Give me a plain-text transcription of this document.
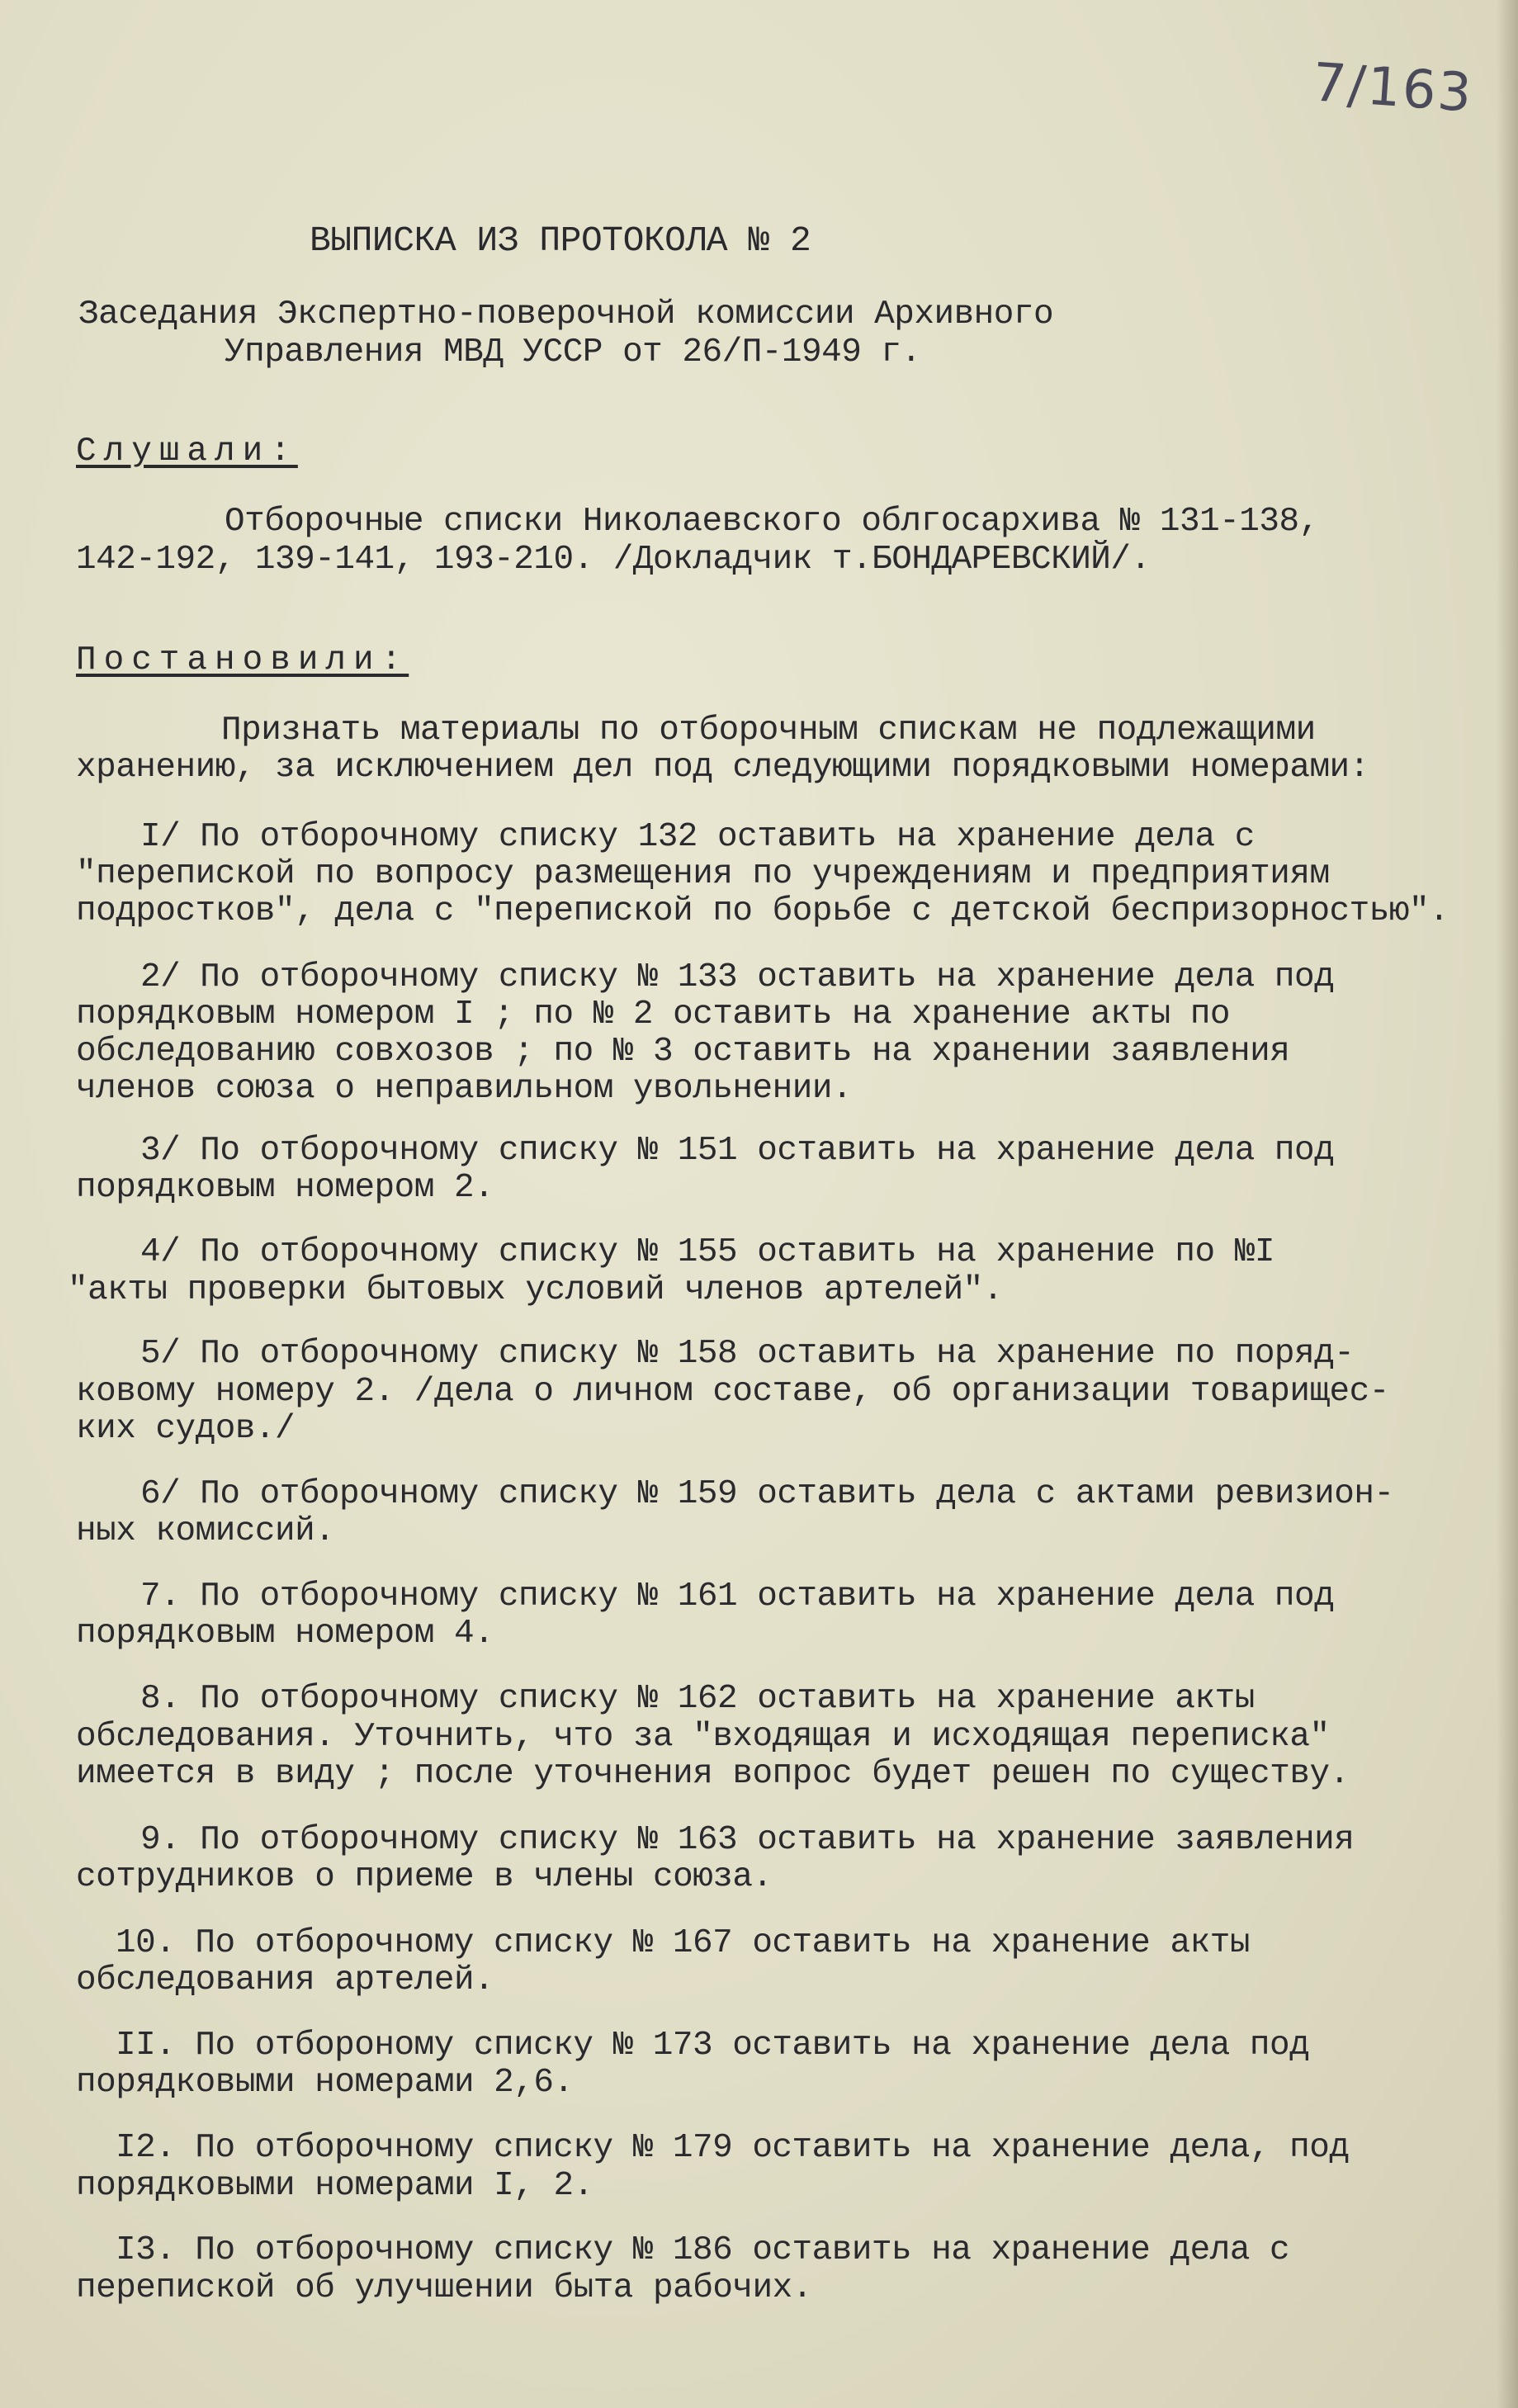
7/163
ВЫПИСКА ИЗ ПРОТОКОЛА № 2
Заседания Экспертно-поверочной комиссии Архивного
Управления МВД УССР от 26/П-1949 г.
Слушали:
Отборочные списки Николаевского облгосархива № 131-138,
142-192, 139-141, 193-210. /Докладчик т.БОНДАРЕВСКИЙ/.
Постановили:
Признать материалы по отборочным спискам не подлежащими
хранению, за исключением дел под следующими порядковыми номерами:
I/ По отборочному списку 132 оставить на хранение дела с
"перепиской по вопросу размещения по учреждениям и предприятиям
подростков", дела с "перепиской по борьбе с детской беспризорностью".
2/ По отборочному списку № 133 оставить на хранение дела под
порядковым номером I ; по № 2 оставить на хранение акты по
обследованию совхозов ; по № 3 оставить на хранении заявления
членов союза о неправильном увольнении.
3/ По отборочному списку № 151 оставить на хранение дела под
порядковым номером 2.
4/ По отборочному списку № 155 оставить на хранение по №I
"акты проверки бытовых условий членов артелей".
5/ По отборочному списку № 158 оставить на хранение по поряд-
ковому номеру 2. /дела о личном составе, об организации товарищес-
ких судов./
6/ По отборочному списку № 159 оставить дела с актами ревизион-
ных комиссий.
7. По отборочному списку № 161 оставить на хранение дела под
порядковым номером 4.
8. По отборочному списку № 162 оставить на хранение акты
обследования. Уточнить, что за "входящая и исходящая переписка"
имеется в виду ; после уточнения вопрос будет решен по существу.
9. По отборочному списку № 163 оставить на хранение заявления
сотрудников о приеме в члены союза.
10. По отборочному списку № 167 оставить на хранение акты
обследования артелей.
II. По отбороному списку № 173 оставить на хранение дела под
порядковыми номерами 2,6.
I2. По отборочному списку № 179 оставить на хранение дела, под
порядковыми номерами I, 2.
I3. По отборочному списку № 186 оставить на хранение дела с
перепиской об улучшении быта рабочих.
